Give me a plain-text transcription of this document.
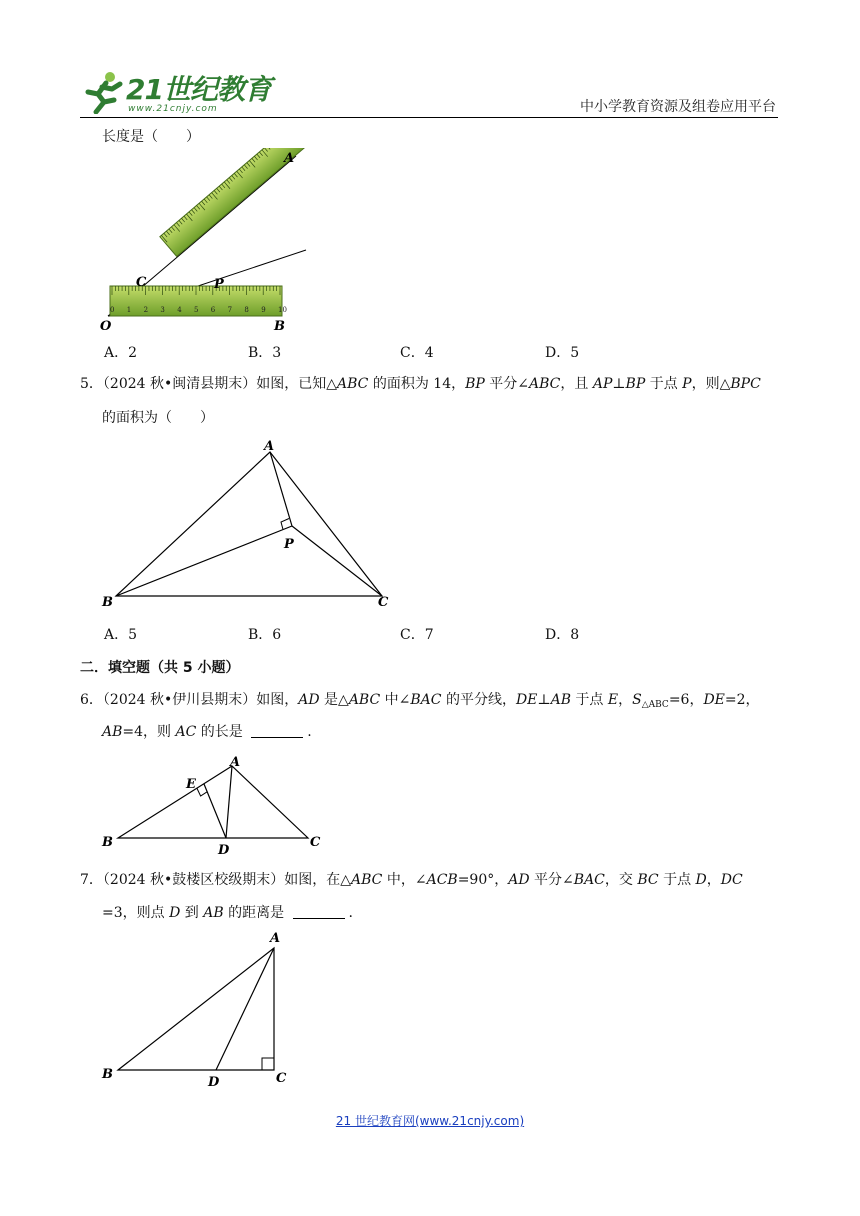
21世纪教育
www.21cnjy.com	中小学教育资源及组卷应用平台
长度是（　　）
0 1 2 3 4 5 6 7 8 9 10
A
C	P
O	B
A．2	B．3	C．4	D．5
5．（2024 秋•闽清县期末）如图，已知△ABC 的面积为 14，BP 平分∠ABC，且 AP⊥BP 于点 P，则△BPC
的面积为（　　）
A
B	C
P
A．5	B．6	C．7	D．8
二．填空题（共 5 小题）
6．（2024 秋•伊川县期末）如图，AD 是△ABC 中∠BAC 的平分线，DE⊥AB 于点 E，$S_{\triangle ABC}=6$，DE=2，
AB=4，则 AC 的长是	.
A
B	C
D
E
7．（2024 秋•鼓楼区校级期末）如图，在△ABC 中，∠ACB=90°，AD 平分∠BAC，交 BC 于点 D，DC
=3，则点 D 到 AB 的距离是	.
A
B	C
D
21 世纪教育网(www.21cnjy.com)
